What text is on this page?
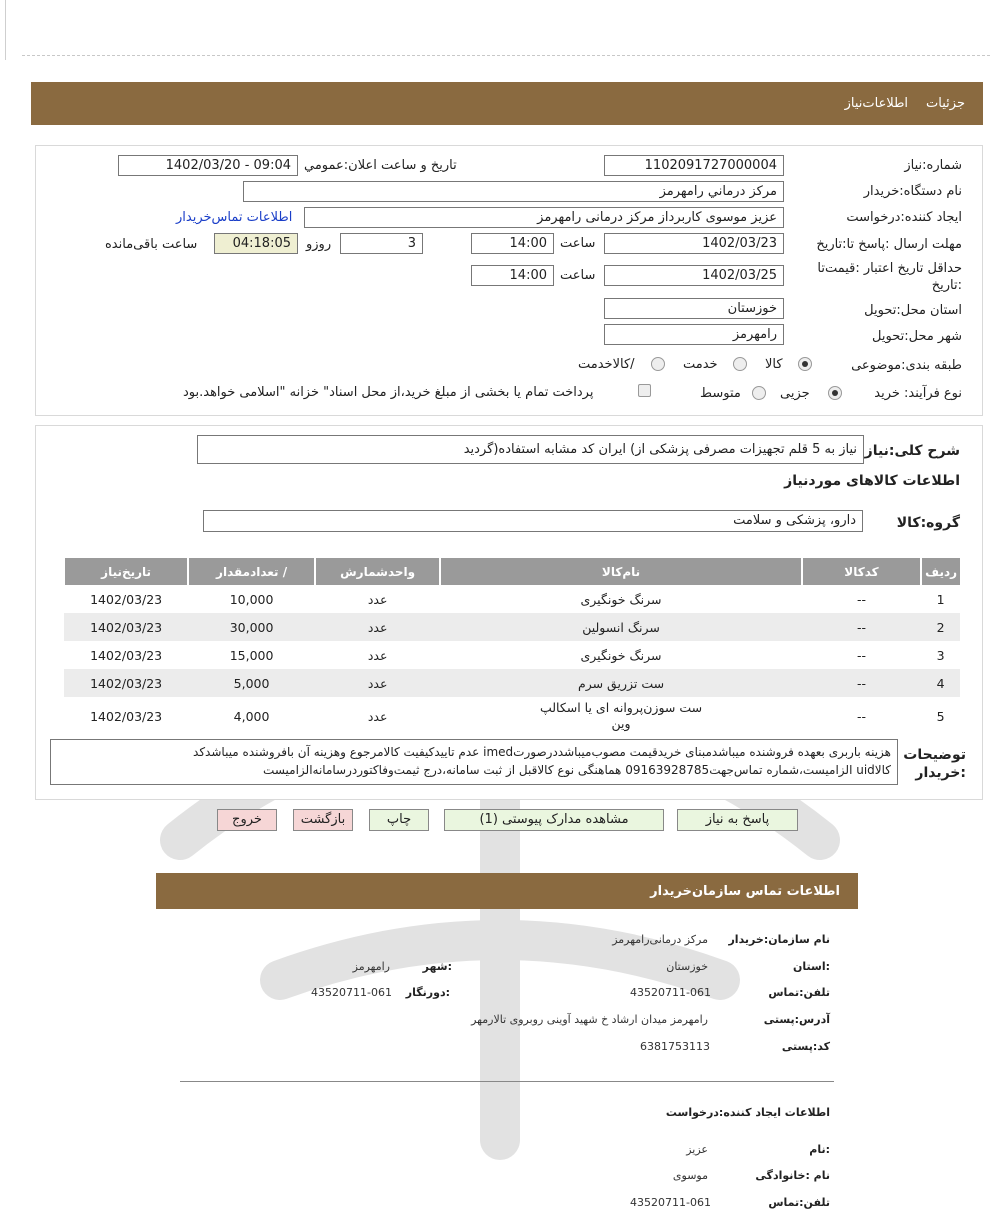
جزئیات
اطلاعات‌نیاز
شماره:نیاز
1102091727000004
تاریخ و ساعت اعلان:عمومي
1402/03/20 - 09:04
نام دستگاه:خریدار
مرکز درماني رامهرمز
ایجاد کننده:درخواست
عزیز موسوی کاربرداز مرکز درمانی رامهرمز
اطلاعات تماس‌خریدار
مهلت ارسال :پاسخ تا:تاریخ
1402/03/23
ساعت
14:00
3
روزو
04:18:05
ساعت باقی‌مانده
حداقل تاریخ اعتبار :قیمت‌تا
:تاریخ
1402/03/25
ساعت
14:00
استان محل:تحویل
خوزستان
شهر محل:تحویل
رامهرمز
طبقه بندی:موضوعی
کالا
خدمت
/کالاخدمت
نوع فرآیند: خرید
جزیی
متوسط
پرداخت تمام یا بخشی از مبلغ خرید،از محل اسناد" خزانه "اسلامی خواهد.بود
شرح کلی:نیاز
نیاز به 5 قلم تجهیزات مصرفی پزشکی از) ایران کد مشابه استفاده(گردید
اطلاعات کالاهای موردنیاز
گروه:کالا
دارو، پزشکی و سلامت
ردیف	کدکالا	نام‌کالا	واحدشمارش	/ تعدادمقدار	تاریخ‌نیاز
1	--	سرنگ خونگیری	عدد	10,000	1402/03/23
2	--	سرنگ انسولین	عدد	30,000	1402/03/23
3	--	سرنگ خونگیری	عدد	15,000	1402/03/23
4	--	ست تزریق سرم	عدد	5,000	1402/03/23
5	--	ست سوزن‌پروانه ای یا اسکالپ وین	عدد	4,000	1402/03/23
توضیحات
:خریدار
هزینه باربری بعهده فروشنده میباشدمبنای خریدقیمت مصوب‌میباشددرصورتimed عدم تاییدکیفیت کالامرجوع وهزینه آن بافروشنده میباشدکد
کالاuid الزامیست،شماره تماس‌جهت09163928785 هماهنگی نوع کالاقبل از ثبت سامانه،درج ثیمت‌وفاکتوردرسامانه‌الزامیست
پاسخ به نیاز
مشاهده مدارک پیوستی (1)
چاپ
بازگشت
خروج
اطلاعات تماس سازمان‌خریدار
نام سازمان:خریدار
مرکز درمانی‌رامهرمز
:استان
خوزستان
:شهر
رامهرمز
تلفن:تماس
43520711-061
:دورنگار
43520711-061
آدرس:پستی
رامهرمز میدان ارشاد خ شهید آوینی روبروی تالارمهر
کد:پستی
6381753113
اطلاعات ایجاد کننده:درخواست
:نام
عزیز
نام :خانوادگی
موسوی
تلفن:تماس
43520711-061
